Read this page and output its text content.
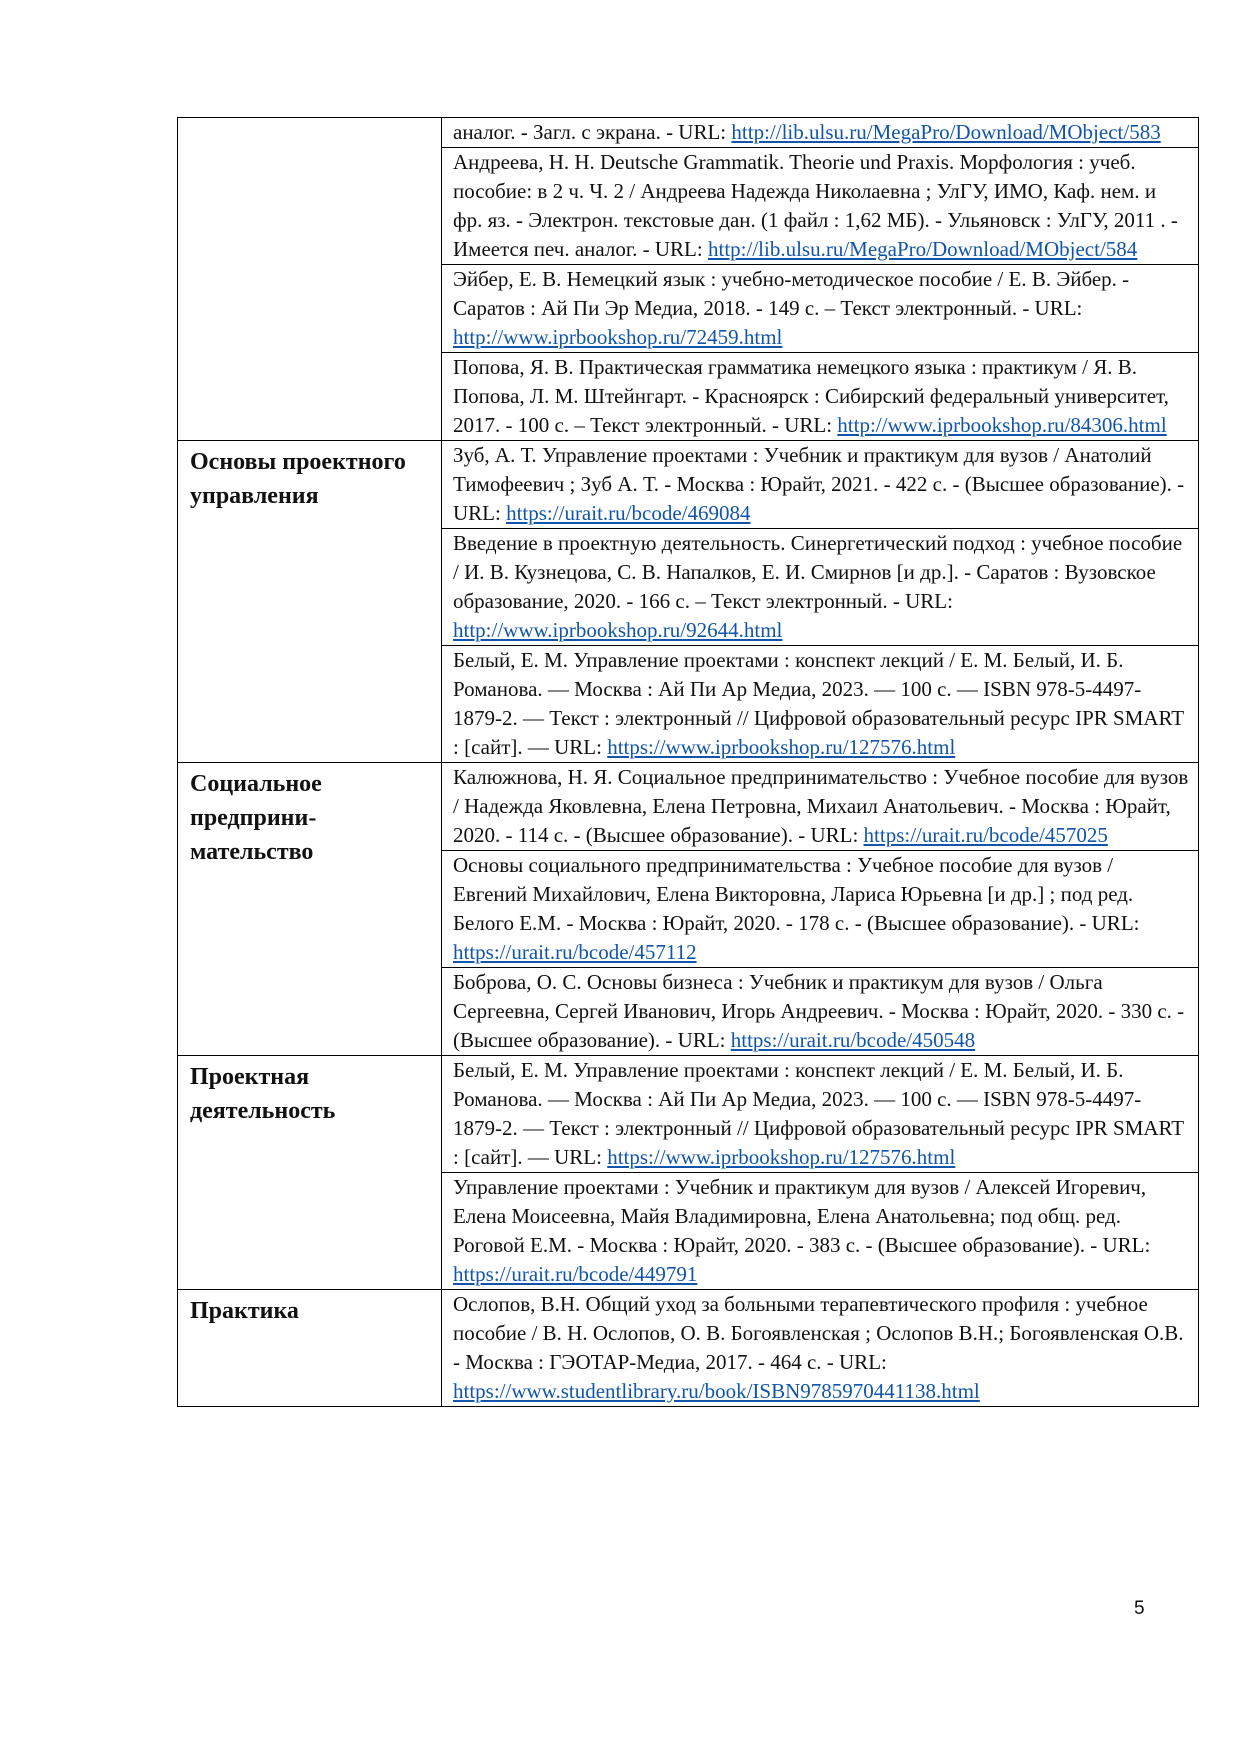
	аналог. - Загл. с экрана. - URL: http://lib.ulsu.ru/MegaPro/Download/MObject/583

	Андреева, Н. Н. Deutsche Grammatik. Theorie und Praxis. Морфология : учеб. пособие: в 2 ч. Ч. 2 / Андреева Надежда Николаевна ; УлГУ, ИМО, Каф. нем. и фр. яз. - Электрон. текстовые дан. (1 файл : 1,62 МБ). - Ульяновск : УлГУ, 2011 . - Имеется печ. аналог. - URL: http://lib.ulsu.ru/MegaPro/Download/MObject/584

	Эйбер, Е. В. Немецкий язык : учебно-методическое пособие / Е. В. Эйбер. - Саратов : Ай Пи Эр Медиа, 2018. - 149 с. – Текст электронный. - URL: http://www.iprbookshop.ru/72459.html

	Попова, Я. В. Практическая грамматика немецкого языка : практикум / Я. В. Попова, Л. М. Штейнгарт. - Красноярск : Сибирский федеральный университет, 2017. - 100 с. – Текст электронный. - URL: http://www.iprbookshop.ru/84306.html

Основы проектного управления	Зуб, А. Т. Управление проектами : Учебник и практикум для вузов / Анатолий Тимофеевич ; Зуб А. Т. - Москва : Юрайт, 2021. - 422 с. - (Высшее образование). - URL: https://urait.ru/bcode/469084

	Введение в проектную деятельность. Синергетический подход : учебное пособие / И. В. Кузнецова, С. В. Напалков, Е. И. Смирнов [и др.]. - Саратов : Вузовское образование, 2020. - 166 с. – Текст электронный. - URL: http://www.iprbookshop.ru/92644.html

	Белый, Е. М. Управление проектами : конспект лекций / Е. М. Белый, И. Б. Романова. — Москва : Ай Пи Ар Медиа, 2023. — 100 с. — ISBN 978-5-4497-1879-2. — Текст : электронный // Цифровой образовательный ресурс IPR SMART : [сайт]. — URL: https://www.iprbookshop.ru/127576.html

Социальное предприни-мательство	Калюжнова, Н. Я. Социальное предпринимательство : Учебное пособие для вузов / Надежда Яковлевна, Елена Петровна, Михаил Анатольевич. - Москва : Юрайт, 2020. - 114 с. - (Высшее образование). - URL: https://urait.ru/bcode/457025

	Основы социального предпринимательства : Учебное пособие для вузов / Евгений Михайлович, Елена Викторовна, Лариса Юрьевна [и др.] ; под ред. Белого Е.М. - Москва : Юрайт, 2020. - 178 с. - (Высшее образование). - URL: https://urait.ru/bcode/457112

	Боброва, О. С. Основы бизнеса : Учебник и практикум для вузов / Ольга Сергеевна, Сергей Иванович, Игорь Андреевич. - Москва : Юрайт, 2020. - 330 с. - (Высшее образование). - URL: https://urait.ru/bcode/450548

Проектная деятельность	Белый, Е. М. Управление проектами : конспект лекций / Е. М. Белый, И. Б. Романова. — Москва : Ай Пи Ар Медиа, 2023. — 100 с. — ISBN 978-5-4497-1879-2. — Текст : электронный // Цифровой образовательный ресурс IPR SMART : [сайт]. — URL: https://www.iprbookshop.ru/127576.html

	Управление проектами : Учебник и практикум для вузов / Алексей Игоревич, Елена Моисеевна, Майя Владимировна, Елена Анатольевна; под общ. ред. Роговой Е.М. - Москва : Юрайт, 2020. - 383 с. - (Высшее образование). - URL: https://urait.ru/bcode/449791

Практика	Ослопов, В.Н. Общий уход за больными терапевтического профиля : учебное пособие / В. Н. Ослопов, О. В. Богоявленская ; Ослопов В.Н.; Богоявленская О.В. - Москва : ГЭОТАР-Медиа, 2017. - 464 с. - URL: https://www.studentlibrary.ru/book/ISBN9785970441138.html
5
